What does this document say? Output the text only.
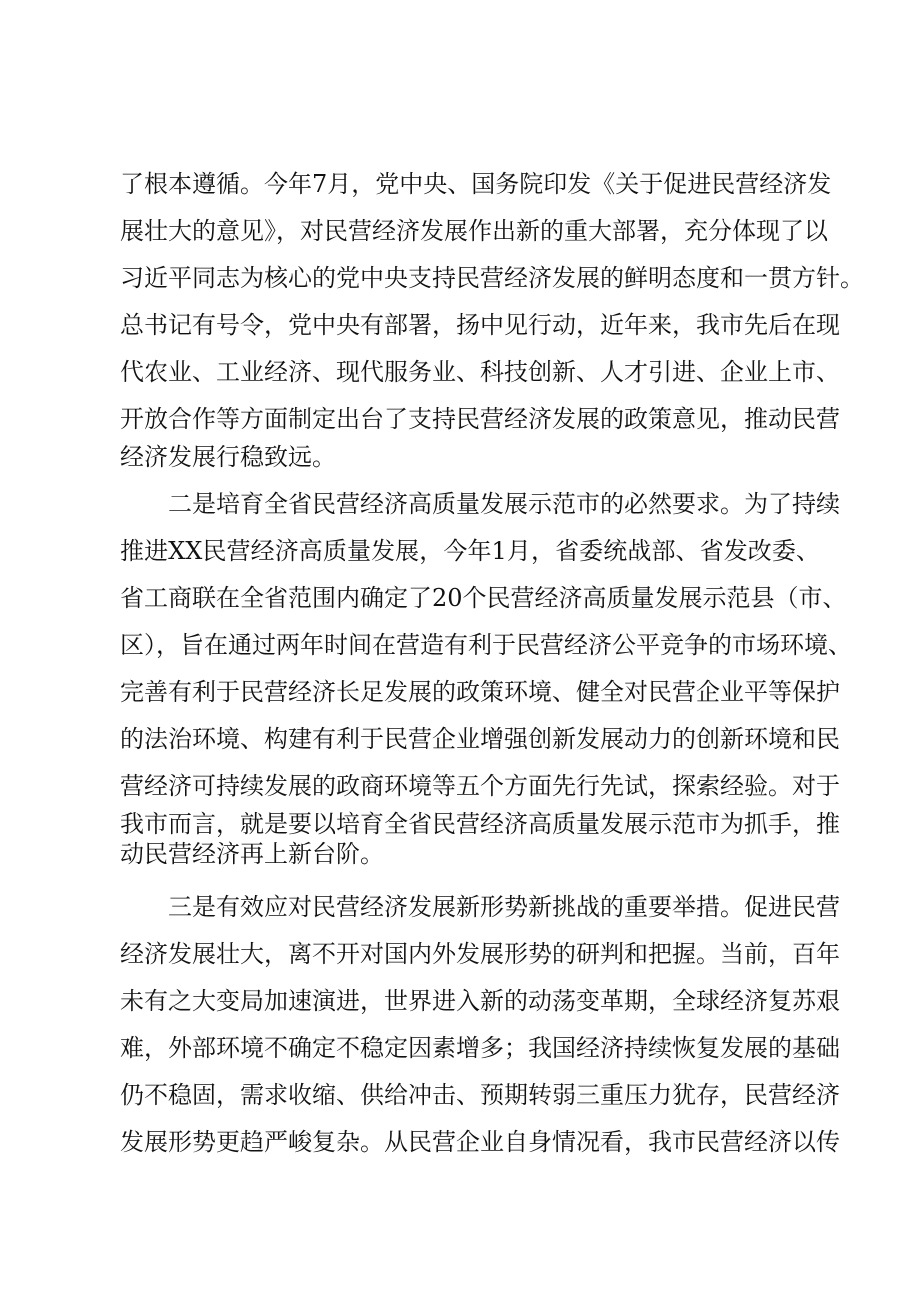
了根本遵循。今年7月，党中央、国务院印发《关于促进民营经济发

展壮大的意见》，对民营经济发展作出新的重大部署，充分体现了以

习近平同志为核心的党中央支持民营经济发展的鲜明态度和一贯方针。

总书记有号令，党中央有部署，扬中见行动，近年来，我市先后在现

代农业、工业经济、现代服务业、科技创新、人才引进、企业上市、

开放合作等方面制定出台了支持民营经济发展的政策意见，推动民营

经济发展行稳致远。

二是培育全省民营经济高质量发展示范市的必然要求。为了持续

推进XX民营经济高质量发展，今年1月，省委统战部、省发改委、

省工商联在全省范围内确定了20个民营经济高质量发展示范县（市、

区），旨在通过两年时间在营造有利于民营经济公平竞争的市场环境、

完善有利于民营经济长足发展的政策环境、健全对民营企业平等保护

的法治环境、构建有利于民营企业增强创新发展动力的创新环境和民

营经济可持续发展的政商环境等五个方面先行先试，探索经验。对于

我市而言，就是要以培育全省民营经济高质量发展示范市为抓手，推

动民营经济再上新台阶。

三是有效应对民营经济发展新形势新挑战的重要举措。促进民营

经济发展壮大，离不开对国内外发展形势的研判和把握。当前，百年

未有之大变局加速演进，世界进入新的动荡变革期，全球经济复苏艰

难，外部环境不确定不稳定因素增多；我国经济持续恢复发展的基础

仍不稳固，需求收缩、供给冲击、预期转弱三重压力犹存，民营经济

发展形势更趋严峻复杂。从民营企业自身情况看，我市民营经济以传
